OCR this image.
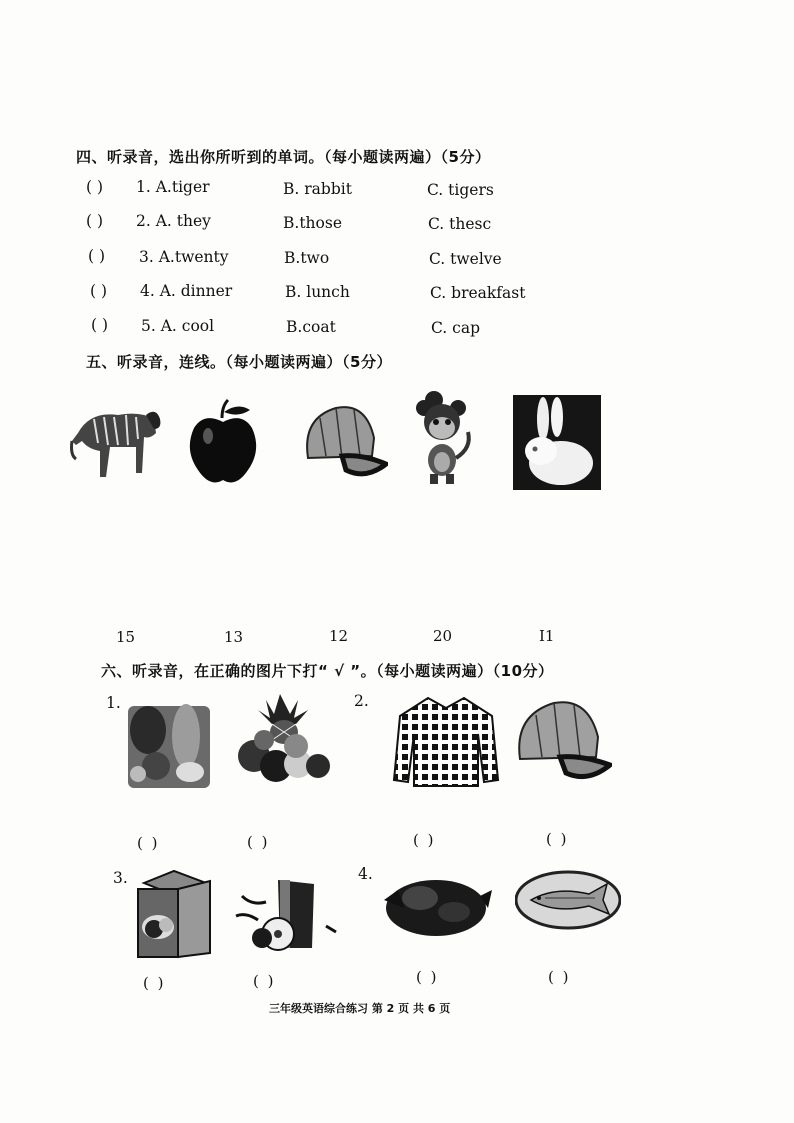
四、听录音，选出你所听到的单词。（每小题读两遍）（5分）
( ) 1. A.tiger	B. rabbit	C. tigers
( ) 2. A. they	B.those	C. thesc
( ) 3. A.twenty	B.two	C. twelve
( ) 4. A. dinner	B. lunch	C. breakfast
( ) 5. A. cool	B.coat	C. cap
五、听录音，连线。（每小题读两遍）（5分）
15	13	12	20	I1
六、听录音，在正确的图片下打“ √ ”。（每小题读两遍）（10分）
1.	2.
3.	4.
( )	( )	( )	( )
( )	( )	( )	( )
三年级英语综合练习 第 2 页 共 6 页
